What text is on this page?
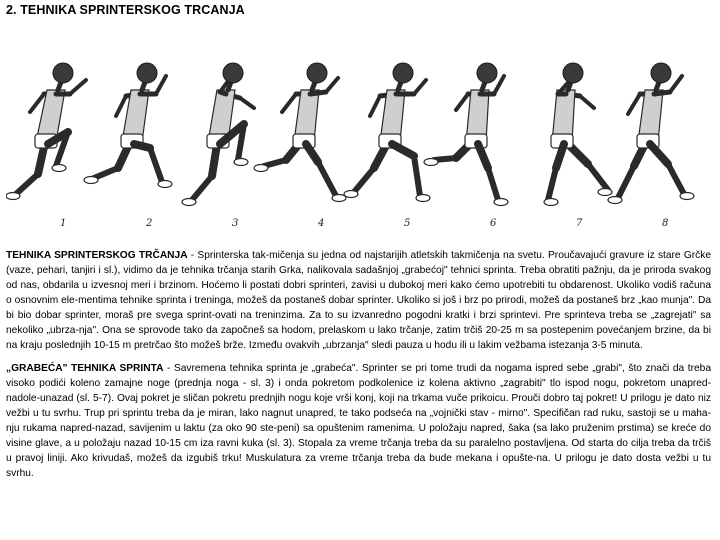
2. TEHNIKA SPRINTERSKOG TRCANJA
1	2	3	4	5	6	7	8

TEHNIKA SPRINTERSKOG TRČANJA - Sprinterska tak-mičenja su jedna od najstarijih atletskih takmičenja na svetu. Proučavajući gravure iz stare Grčke (vaze, pehari, tanjiri i sl.), vidimo da je tehnika trčanja starih Grka, nalikovala sadašnjoj „grabećoj" tehnici sprinta. Treba obratiti pažnju, da je priroda svakog od nas, obdarila u izvesnoj meri i brzinom. Hoćemo li postati dobri sprinteri, zavisi u dubokoj meri kako ćemo upotrebiti tu obdarenost. Ukoliko vodiš računa o osnovnim ele-mentima tehnike sprinta i treninga, možeš da postaneš dobar sprinter. Ukoliko si još i brz po prirodi, možeš da postaneš brz „kao munja". Da bi bio dobar sprinter, moraš pre svega sprint-ovati na treninzima. Za to su izvanredno pogodni kratki i brzi sprintevi. Pre sprinteva treba se „zagrejati" sa nekoliko „ubrza-nja". Ona se sprovode tako da započneš sa hodom, prelaskom u lako trčanje, zatim trčiš 20-25 m sa postepenim povećanjem brzine, da bi na kraju poslednjih 10-15 m pretrčao što možeš brže. Između ovakvih „ubrzanja" sledi pauza u hodu ili u lakim vežbama istezanja 3-5 minuta.

„GRABEĆA" TEHNIKA SPRINTA - Savremena tehnika sprinta je „grabeća". Sprinter se pri tome trudi da nogama ispred sebe „grabi", što znači da treba visoko podići koleno zamajne noge (prednja noga - sl. 3) i onda pokretom podkolenice iz kolena aktivno „zagrabiti" tlo ispod nogu, pokretom unapred-nadole-unazad (sl. 5-7). Ovaj pokret je sličan pokretu prednjih nogu koje vrši konj, koji na trkama vuče prikoicu. Prouči dobro taj pokret! U prilogu je dato niz vežbi u tu svrhu. Trup pri sprintu treba da je miran, lako nagnut unapred, te tako podseća na „vojnički stav - mirno". Specifičan rad ruku, sastoji se u maha-nju rukama napred-nazad, savijenim u laktu (za oko 90 ste-peni) sa opuštenim ramenima. U položaju napred, šaka (sa lako pruženim prstima) se kreće do visine glave, a u položaju nazad 10-15 cm iza ravni kuka (sl. 3). Stopala za vreme trčanja treba da su paralelno postavljena. Od starta do cilja treba da trčiš u pravoj liniji. Ako krivudaš, možeš da izgubiš trku! Muskulatura za vreme trčanja treba da bude mekana i opušte-na. U prilogu je dato dosta vežbi u tu svrhu.
